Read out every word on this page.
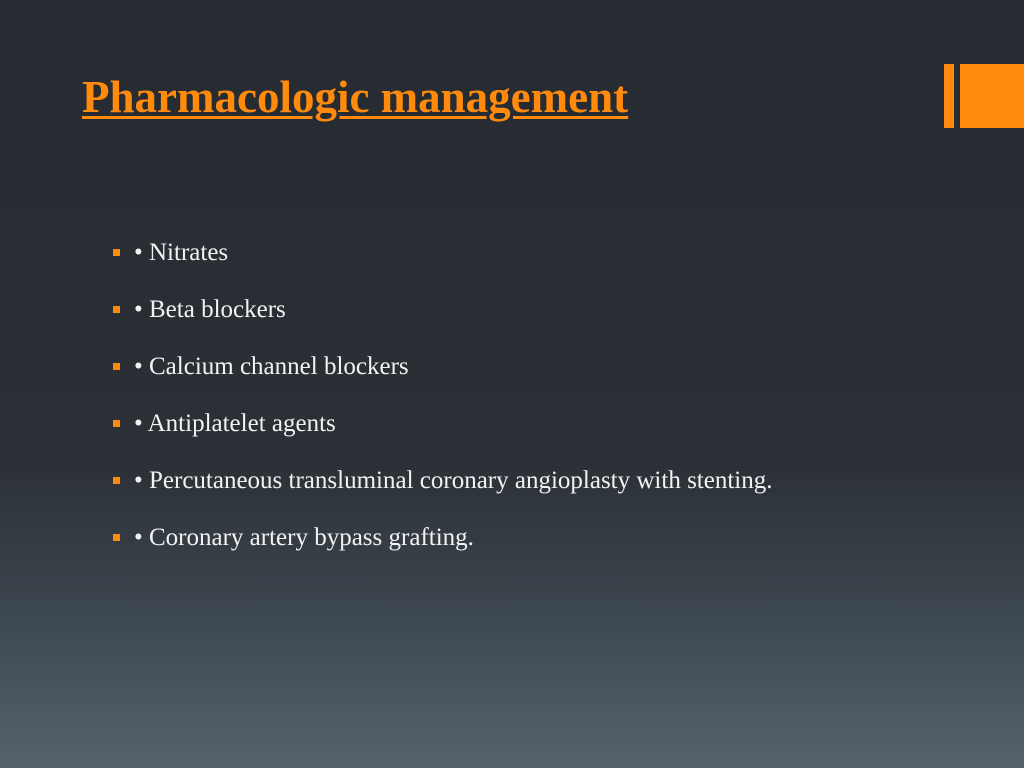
Pharmacologic management
• Nitrates
• Beta blockers
• Calcium channel blockers
• Antiplatelet agents
• Percutaneous transluminal coronary angioplasty with stenting.
• Coronary artery bypass grafting.
